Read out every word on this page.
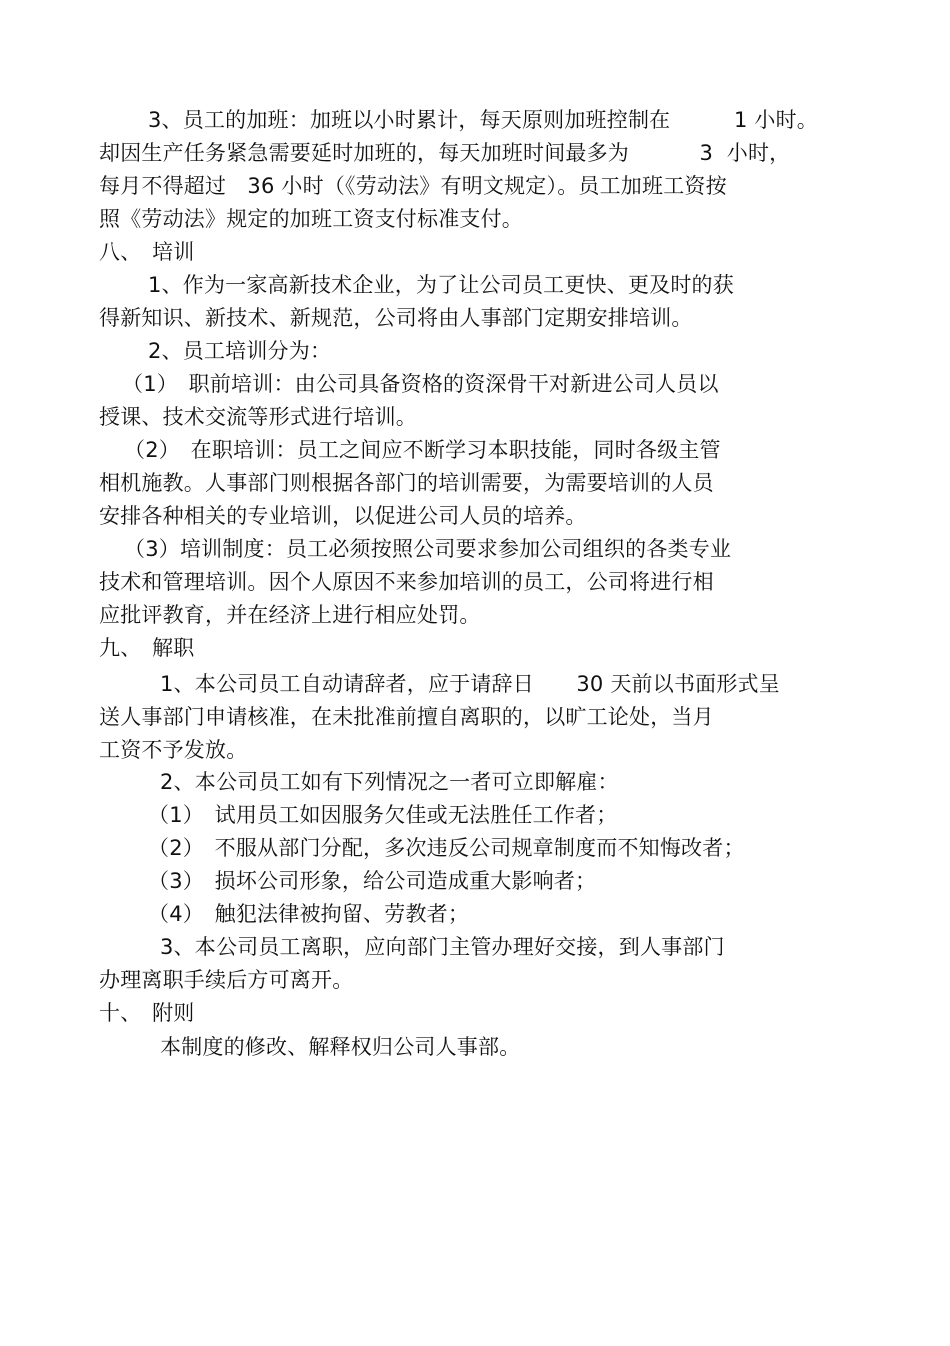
3、员工的加班：加班以小时累计，每天原则加班控制在　　　1 小时。
却因生产任务紧急需要延时加班的，每天加班时间最多为　　　 3  小时，
每月不得超过　36 小时（《劳动法》有明文规定）。员工加班工资按
照《劳动法》规定的加班工资支付标准支付。
八、　培训
1、作为一家高新技术企业，为了让公司员工更快、更及时的获
得新知识、新技术、新规范，公司将由人事部门定期安排培训。
2、员工培训分为：
（1）　职前培训：由公司具备资格的资深骨干对新进公司人员以
授课、技术交流等形式进行培训。
（2）　在职培训：员工之间应不断学习本职技能，同时各级主管
相机施教。人事部门则根据各部门的培训需要，为需要培训的人员
安排各种相关的专业培训，以促进公司人员的培养。
（3）培训制度：员工必须按照公司要求参加公司组织的各类专业
技术和管理培训。因个人原因不来参加培训的员工，公司将进行相
应批评教育，并在经济上进行相应处罚。
九、　解职
1、本公司员工自动请辞者，应于请辞日　　30 天前以书面形式呈
送人事部门申请核准，在未批准前擅自离职的，以旷工论处，当月
工资不予发放。
2、本公司员工如有下列情况之一者可立即解雇：
（1）　试用员工如因服务欠佳或无法胜任工作者；
（2）　不服从部门分配，多次违反公司规章制度而不知悔改者；
（3）　损坏公司形象，给公司造成重大影响者；
（4）　触犯法律被拘留、劳教者；
3、本公司员工离职，应向部门主管办理好交接，到人事部门
办理离职手续后方可离开。
十、　附则
本制度的修改、解释权归公司人事部。
